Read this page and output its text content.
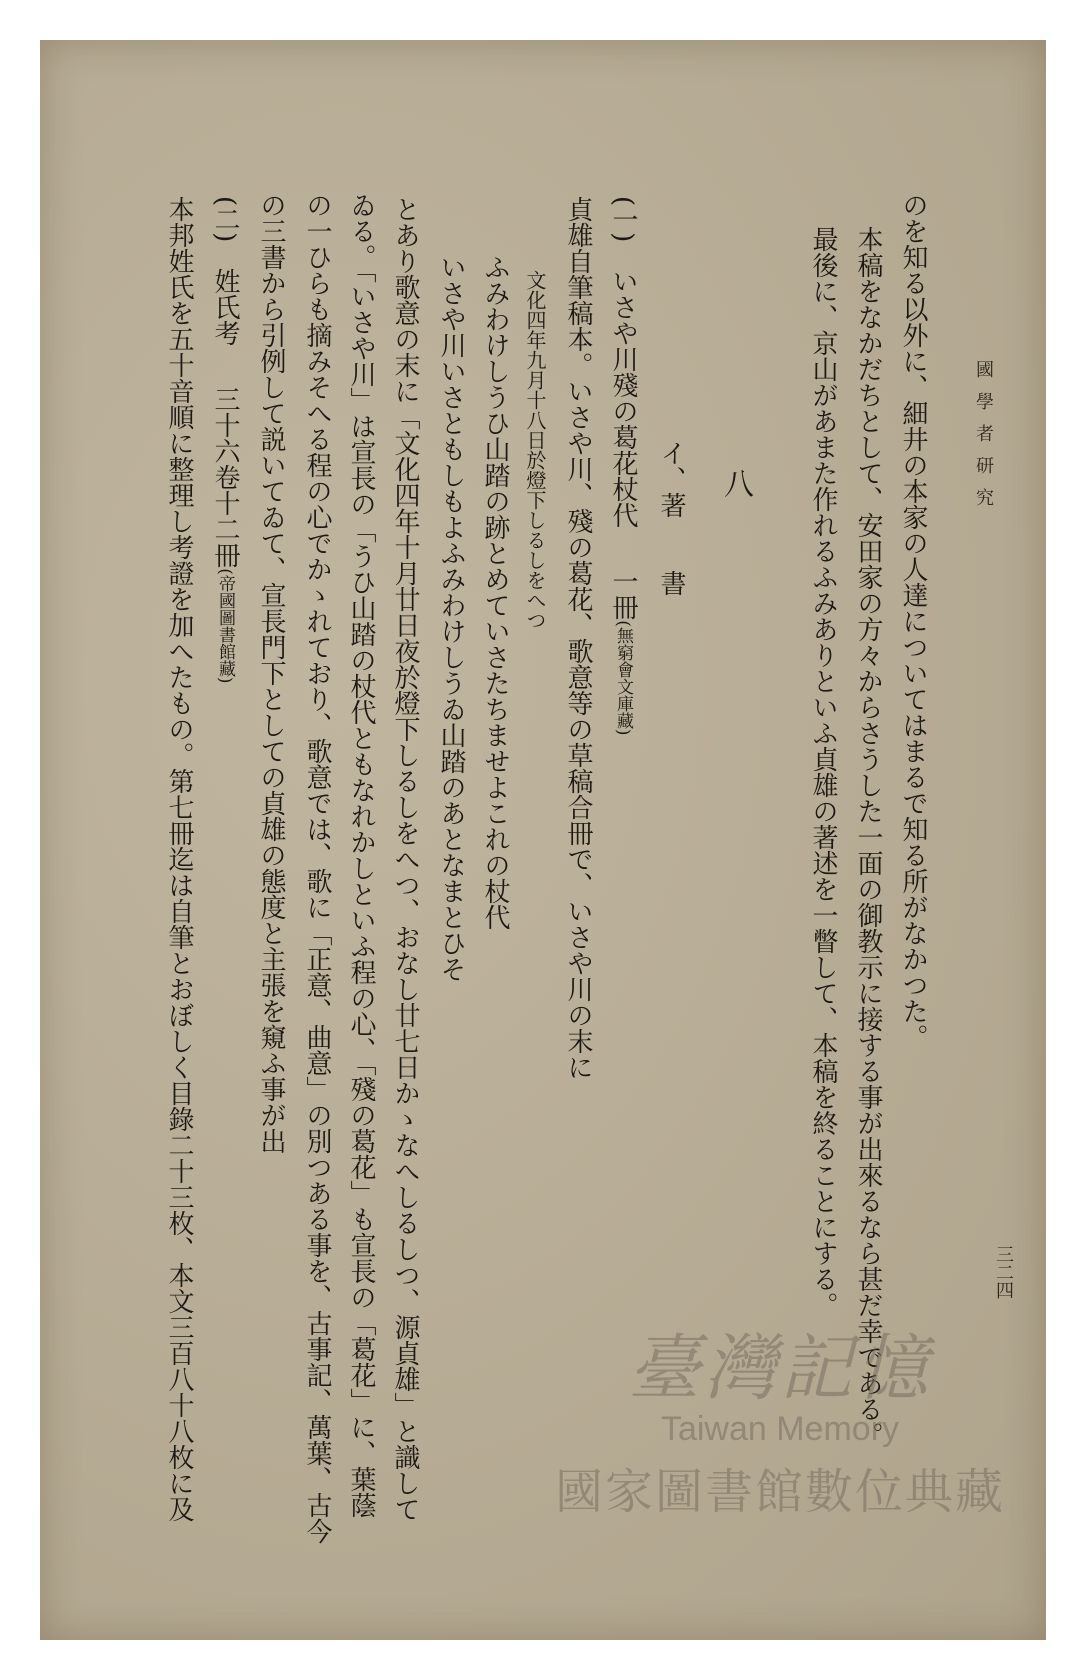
國學者研究
三二四
のを知る以外に、細井の本家の人達についてはまるで知る所がなかつた。
本稿をなかだちとして、安田家の方々からさうした一面の御教示に接する事が出來るなら甚だ幸である。
最後に、京山があまた作れるふみありといふ貞雄の著述を一瞥して、本稿を終ることにする。
八
イ、著　　書
(一)　いさや川殘の葛花杖代一冊(無窮會文庫藏)
貞雄自筆稿本。いさや川、殘の葛花、歌意等の草稿合冊で、いさや川の末に
文化四年九月十八日於燈下しるしをへつ
ふみわけしうひ山踏の跡とめていさたちませよこれの杖代
いさや川いさともしもよふみわけしうゐ山踏のあとなまとひそ
とあり歌意の末に「文化四年十月廿日夜於燈下しるしをへつ、おなし廿七日かゝなへしるしつ、源貞雄」と識して
ゐる。「いさや川」は宣長の「うひ山踏の杖代ともなれかしといふ程の心、「殘の葛花」も宣長の「葛花」に、葉蔭
の一ひらも摘みそへる程の心でかゝれており、歌意では、歌に「正意、曲意」の別つある事を、古事記、萬葉、古今
の三書から引例して説いてゐて、宣長門下としての貞雄の態度と主張を窺ふ事が出
(二)　姓氏考三十六卷十二冊(帝國圖書館藏)
本邦姓氏を五十音順に整理し考證を加へたもの。第七冊迄は自筆とおぼしく目錄二十三枚、本文三百八十八枚に及	臺灣記憶
Taiwan Memory
國家圖書館數位典藏
